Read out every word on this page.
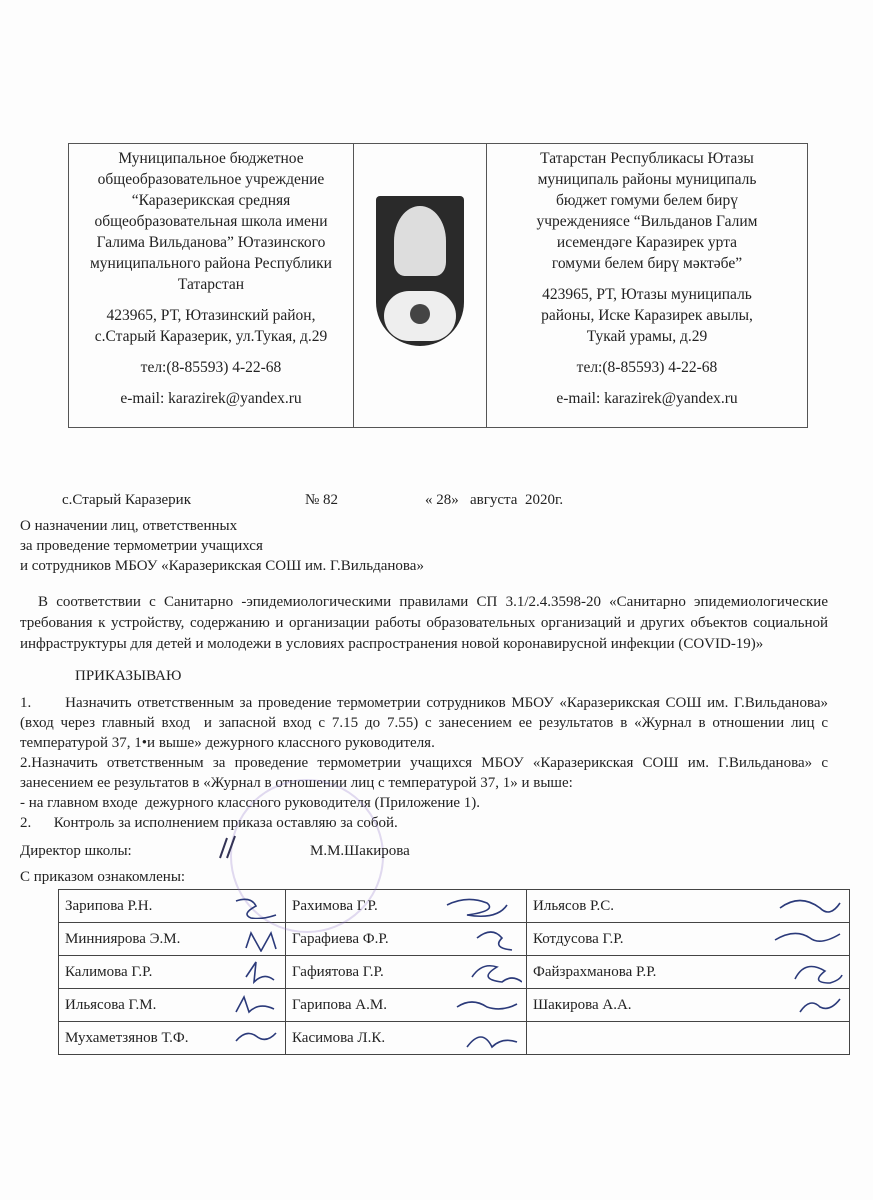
Муниципальное бюджетное
общеобразовательное учреждение
“Каразерикская средняя
общеобразовательная школа имени
Галима Вильданова” Ютазинского
муниципального района Республики
Татарстан

423965, РТ, Ютазинский район,
с.Старый Каразерик, ул.Тукая, д.29

тел:(8-85593) 4-22-68

e-mail: karazirek@yandex.ru

Татарстан Республикасы Ютазы
муниципаль районы муниципаль
бюджет гомуми белем бирү
учреждениясе “Вильданов Галим
исемендәге Каразирек урта
гомуми белем бирү мәктәбе”

423965, РТ, Ютазы муниципаль
районы, Иске Каразирек авылы,
Тукай урамы, д.29

тел:(8-85593) 4-22-68

e-mail: karazirek@yandex.ru

с.Старый Каразерик	№ 82	« 28»   августа  2020г.
О назначении лиц, ответственных
за проведение термометрии учащихся
и сотрудников МБОУ «Каразерикская СОШ им. Г.Вильданова»
В соответствии с Санитарно -эпидемиологическими правилами СП 3.1/2.4.3598-20 «Санитарно эпидемиологические требования к устройству, содержанию и организации работы образовательных организаций и других объектов социальной инфраструктуры для детей и молодежи в условиях распространения новой коронавирусной инфекции (COVID-19)»
ПРИКАЗЫВАЮ
1.      Назначить ответственным за проведение термометрии сотрудников МБОУ «Каразерикская СОШ им. Г.Вильданова»  (вход через главный вход  и запасной вход с 7.15 до 7.55) с занесением ее результатов в «Журнал в отношении лиц с температурой 37, 1•и выше» дежурного классного руководителя.
2.Назначить ответственным за проведение термометрии учащихся МБОУ «Каразерикская СОШ им. Г.Вильданова» с занесением ее результатов в «Журнал в отношении лиц с температурой 37, 1» и выше:
- на главном входе  дежурного классного руководителя (Приложение 1).
2.      Контроль за исполнением приказа оставляю за собой.
Директор школы:	М.М.Шакирова
С приказом ознакомлены:
Зарипова Р.Н.	Рахимова Г.Р.	Ильясов Р.С.

Минниярова Э.М.	Гарафиева Ф.Р.	Котдусова Г.Р.

Калимова Г.Р.	Гафиятова Г.Р.	Файзрахманова Р.Р.

Ильясова Г.М.	Гарипова А.М.	Шакирова А.А.

Мухаметзянов Т.Ф.	Касимова Л.К.
